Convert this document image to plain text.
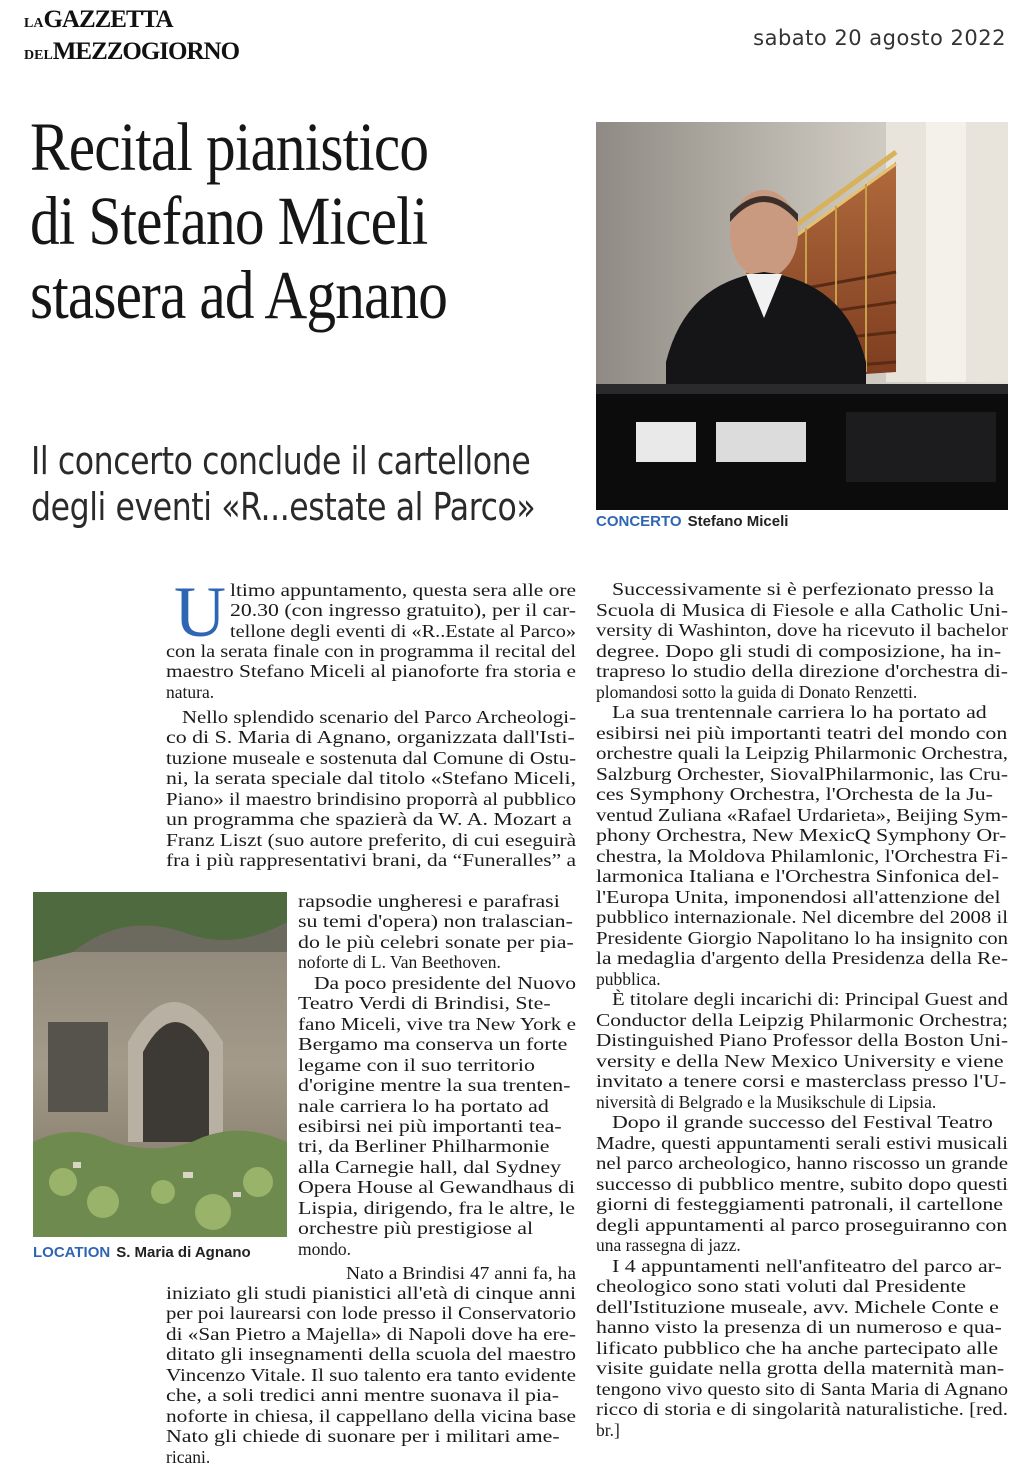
LAGAZZETTA
DELMEZZOGIORNO	sabato 20 agosto 2022
Recital pianistico
di Stefano Miceli
stasera ad Agnano
Il concerto conclude il cartellone
degli eventi «R...estate al Parco»	CONCERTO Stefano Miceli
LOCATION S. Maria di Agnano
U ltimo appuntamento, questa sera alle ore
20.30 (con ingresso gratuito), per il car-
tellone degli eventi di «R..Estate al Parco»
con la serata finale con in programma il recital del
maestro Stefano Miceli al pianoforte fra storia e
natura.
Nello splendido scenario del Parco Archeologi-
co di S. Maria di Agnano, organizzata dall'Isti-
tuzione museale e sostenuta dal Comune di Ostu-
ni, la serata speciale dal titolo «Stefano Miceli,
Piano» il maestro brindisino proporrà al pubblico
un programma che spazierà da W. A. Mozart a
Franz Liszt (suo autore preferito, di cui eseguirà
fra i più rappresentativi brani, da “Funeralles” a
rapsodie ungheresi e parafrasi
su temi d'opera) non tralascian-
do le più celebri sonate per pia-
noforte di L. Van Beethoven.
Da poco presidente del Nuovo
Teatro Verdi di Brindisi, Ste-
fano Miceli, vive tra New York e
Bergamo ma conserva un forte
legame con il suo territorio
d'origine mentre la sua trenten-
nale carriera lo ha portato ad
esibirsi nei più importanti tea-
tri, da Berliner Philharmonie
alla Carnegie hall, dal Sydney
Opera House al Gewandhaus di
Lispia, dirigendo, fra le altre, le
orchestre più prestigiose al
mondo.
Nato a Brindisi 47 anni fa, ha
iniziato gli studi pianistici all'età di cinque anni
per poi laurearsi con lode presso il Conservatorio
di «San Pietro a Majella» di Napoli dove ha ere-
ditato gli insegnamenti della scuola del maestro
Vincenzo Vitale. Il suo talento era tanto evidente
che, a soli tredici anni mentre suonava il pia-
noforte in chiesa, il cappellano della vicina base
Nato gli chiede di suonare per i militari ame-
ricani.
Successivamente si è perfezionato presso la
Scuola di Musica di Fiesole e alla Catholic Uni-
versity di Washinton, dove ha ricevuto il bachelor
degree. Dopo gli studi di composizione, ha in-
trapreso lo studio della direzione d'orchestra di-
plomandosi sotto la guida di Donato Renzetti.
La sua trentennale carriera lo ha portato ad
esibirsi nei più importanti teatri del mondo con
orchestre quali la Leipzig Philarmonic Orchestra,
Salzburg Orchester, SiovalPhilarmonic, las Cru-
ces Symphony Orchestra, l'Orchesta de la Ju-
ventud Zuliana «Rafael Urdarieta», Beijing Sym-
phony Orchestra, New MexicQ Symphony Or-
chestra, la Moldova Philamlonic, l'Orchestra Fi-
larmonica Italiana e l'Orchestra Sinfonica del-
l'Europa Unita, imponendosi all'attenzione del
pubblico internazionale. Nel dicembre del 2008 il
Presidente Giorgio Napolitano lo ha insignito con
la medaglia d'argento della Presidenza della Re-
pubblica.
È titolare degli incarichi di: Principal Guest and
Conductor della Leipzig Philarmonic Orchestra;
Distinguished Piano Professor della Boston Uni-
versity e della New Mexico University e viene
invitato a tenere corsi e masterclass presso l'U-
niversità di Belgrado e la Musikschule di Lipsia.
Dopo il grande successo del Festival Teatro
Madre, questi appuntamenti serali estivi musicali
nel parco archeologico, hanno riscosso un grande
successo di pubblico mentre, subito dopo questi
giorni di festeggiamenti patronali, il cartellone
degli appuntamenti al parco proseguiranno con
una rassegna di jazz.
I 4 appuntamenti nell'anfiteatro del parco ar-
cheologico sono stati voluti dal Presidente
dell'Istituzione museale, avv. Michele Conte e
hanno visto la presenza di un numeroso e qua-
lificato pubblico che ha anche partecipato alle
visite guidate nella grotta della maternità man-
tengono vivo questo sito di Santa Maria di Agnano
ricco di storia e di singolarità naturalistiche. [red.
br.]
